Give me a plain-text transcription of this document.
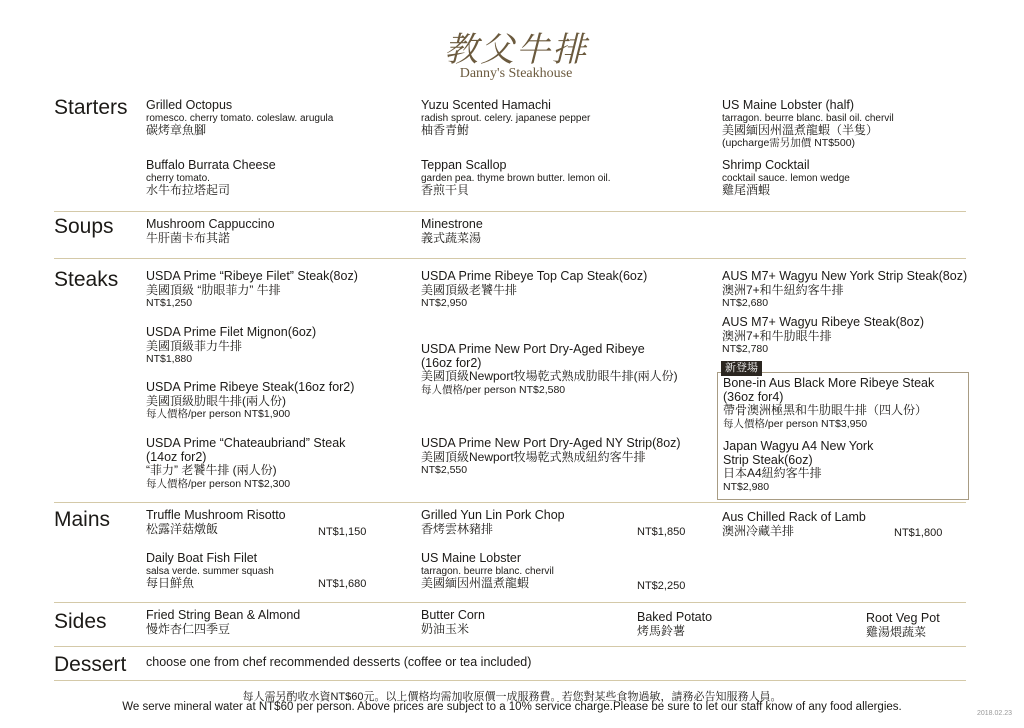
教父牛排
Danny's Steakhouse
Starters
Soups
Steaks
Mains
Sides
Dessert
Grilled Octopus
romesco. cherry tomato. coleslaw. arugula
碳烤章魚腳
Yuzu Scented Hamachi
radish sprout. celery. japanese pepper
柚香青鮒
US Maine Lobster (half)
tarragon. beurre blanc. basil oil. chervil
美國緬因州溫煮龍蝦（半隻）
(upcharge需另加價 NT$500)
Buffalo Burrata Cheese
cherry tomato.
水牛布拉塔起司
Teppan Scallop
garden pea. thyme brown butter. lemon oil.
香煎干貝
Shrimp Cocktail
cocktail sauce. lemon wedge
雞尾酒蝦
Mushroom Cappuccino
牛肝菌卡布其諾
Minestrone
義式蔬菜湯
USDA Prime “Ribeye Filet” Steak(8oz)
美國頂級 “肋眼菲力” 牛排
NT$1,250
USDA Prime Filet Mignon(6oz)
美國頂級菲力牛排
NT$1,880
USDA Prime Ribeye Steak(16oz for2)
美國頂級肋眼牛排(兩人份)
每人價格/per person NT$1,900
USDA Prime “Chateaubriand” Steak
(14oz for2)
“菲力” 老饕牛排 (兩人份)
每人價格/per person NT$2,300
USDA Prime Ribeye Top Cap Steak(6oz)
美國頂級老饕牛排
NT$2,950
USDA Prime New Port Dry-Aged Ribeye
(16oz for2)
美國頂級Newport牧場乾式熟成肋眼牛排(兩人份)
每人價格/per person NT$2,580
USDA Prime New Port Dry-Aged NY Strip(8oz)
美國頂級Newport牧場乾式熟成紐約客牛排
NT$2,550
AUS M7+ Wagyu New York Strip Steak(8oz)
澳洲7+和牛紐約客牛排
NT$2,680
AUS M7+ Wagyu Ribeye Steak(8oz)
澳洲7+和牛肋眼牛排
NT$2,780
新登場
Bone-in Aus Black More Ribeye Steak
(36oz for4)
帶骨澳洲極黑和牛肋眼牛排（四人份）
每人價格/per person NT$3,950
Japan Wagyu A4 New York
Strip Steak(6oz)
日本A4紐約客牛排
NT$2,980
Truffle Mushroom Risotto
松露洋菇燉飯	NT$1,150
Grilled Yun Lin Pork Chop
香烤雲林豬排	NT$1,850
Aus Chilled Rack of Lamb
澳洲冷藏羊排	NT$1,800
Daily Boat Fish Filet
salsa verde. summer squash
每日鮮魚	NT$1,680
US Maine Lobster
tarragon. beurre blanc. chervil
美國緬因州溫煮龍蝦	NT$2,250
Fried String Bean & Almond
慢炸杏仁四季豆
Butter Corn
奶油玉米
Baked Potato
烤馬鈴薯
Root Veg Pot
雞湯煨蔬菜
choose one from chef recommended desserts (coffee or tea included)
每人需另酌收水資NT$60元。以上價格均需加收原價一成服務費。若您對某些食物過敏，請務必告知服務人員。
We serve mineral water at NT$60 per person. Above prices are subject to a 10% service charge.Please be sure to let our staff know of any food allergies.
2018.02.23
